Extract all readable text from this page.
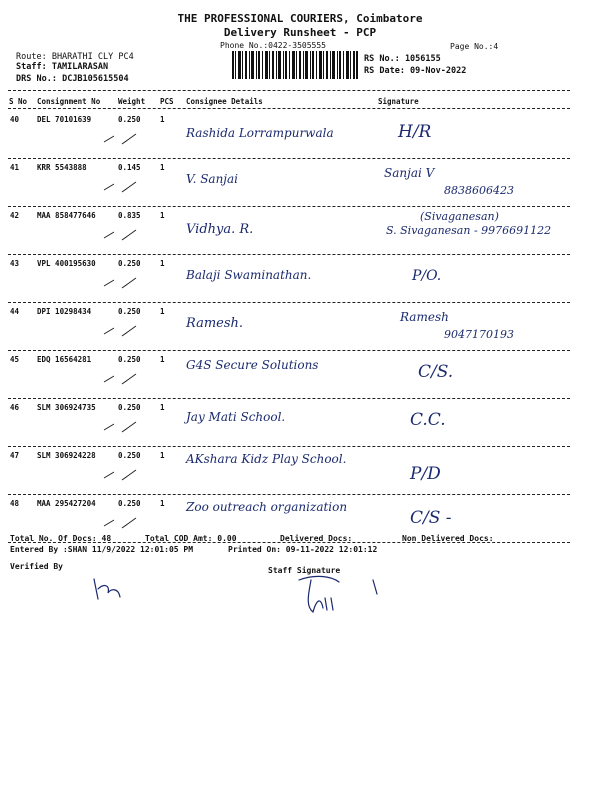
THE PROFESSIONAL COURIERS, Coimbatore
Delivery Runsheet - PCP
Phone No.:0422-3505555	Page No.:4
Route: BHARATHI CLY PC4
Staff: TAMILARASAN
DRS No.: DCJB105615504
RS No.: 1056155
RS Date: 09-Nov-2022
S No Consignment No Weight PCS Consignee Details	Signature
40 DEL 70101639	0.250	1
Rashida Lorrampurwala	H/R
41 KRR 5543888	0.145	1
V. Sanjai	Sanjai V
8838606423
42 MAA 858477646	0.835	1
Vidhya. R.	S. Sivaganesan - 9976691122
(Sivaganesan)
43 VPL 400195630	0.250	1
Balaji Swaminathan.	P/O.
44 DPI 10298434	0.250	1
Ramesh.	Ramesh
9047170193
45 EDQ 16564281	0.250	1 G4S Secure Solutions	C/S.
46 SLM 306924735	0.250	1
Jay Mati School.	C.C.
47 SLM 306924228	0.250	1 AKshara Kidz Play School.
P/D
48 MAA 295427204	0.250	1 Zoo outreach organization
C/S -
Total No. Of Docs: 48	Total COD Amt: 0.00	Delivered Docs:	Non Delivered Docs:
Entered By :SHAN 11/9/2022 12:01:05 PM	Printed On: 09-11-2022 12:01:12
Verified By	Staff Signature
